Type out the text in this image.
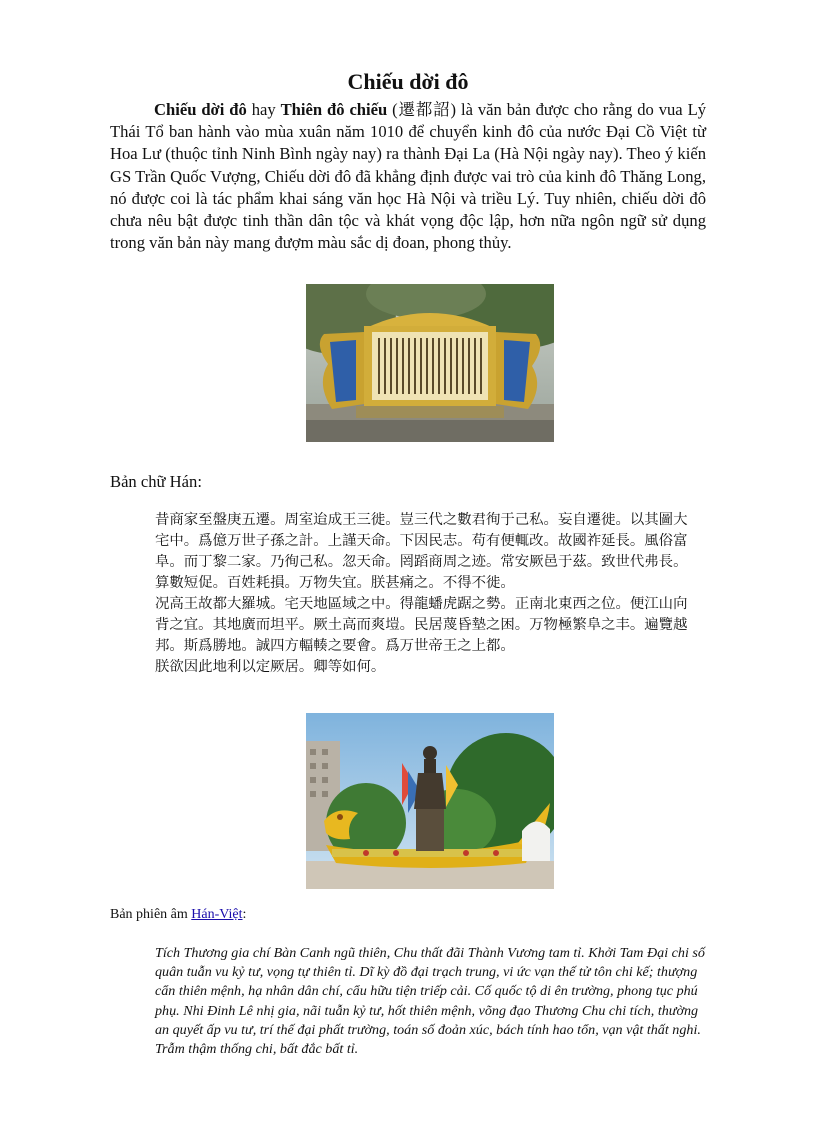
Chiếu dời đô

Chiếu dời đô hay Thiên đô chiếu (遷都詔) là văn bản được cho rằng do vua Lý Thái Tổ ban hành vào mùa xuân năm 1010 để chuyển kinh đô của nước Đại Cồ Việt từ Hoa Lư (thuộc tỉnh Ninh Bình ngày nay) ra thành Đại La (Hà Nội ngày nay). Theo ý kiến GS Trần Quốc Vượng, Chiếu dời đô đã khẳng định được vai trò của kinh đô Thăng Long, nó được coi là tác phẩm khai sáng văn học Hà Nội và triều Lý. Tuy nhiên, chiếu dời đô chưa nêu bật được tinh thần dân tộc và khát vọng độc lập, hơn nữa ngôn ngữ sử dụng trong văn bản này mang đượm màu sắc dị đoan, phong thủy.

Bản chữ Hán:

昔商家至盤庚五遷。周室迨成王三徙。豈三代之數君徇于己私。妄自遷徙。以其圖大宅中。爲億万世子孫之計。上謹天命。下因民志。苟有便輒改。故國祚延長。風俗富阜。而丁黎二家。乃徇己私。忽天命。罔蹈商周之迹。常安厥邑于茲。致世代弗長。算數短促。百姓耗損。万物失宜。朕甚痛之。不得不徙。

况高王故都大羅城。宅天地區域之中。得龍蟠虎踞之勢。正南北東西之位。便江山向背之宜。其地廣而坦平。厥土高而爽塏。民居蔑昏墊之困。万物極繁阜之丰。遍覽越邦。斯爲勝地。誠四方輻輳之要會。爲万世帝王之上都。

朕欲因此地利以定厥居。卿等如何。

Bản phiên âm Hán-Việt:

Tích Thương gia chí Bàn Canh ngũ thiên, Chu thất đãi Thành Vương tam tỉ. Khởi Tam Đại chi số quân tuẫn vu kỷ tư, vọng tự thiên tỉ. Dĩ kỳ đồ đại trạch trung, vi ức vạn thế tử tôn chi kế; thượng cẩn thiên mệnh, hạ nhân dân chí, cẩu hữu tiện triếp cải. Cố quốc tộ di ên trường, phong tục phú phụ. Nhi Đinh Lê nhị gia, nãi tuẫn kỷ tư, hốt thiên mệnh, võng đạo Thương Chu chi tích, thường an quyết ấp vu tư, trí thế đại phất trường, toán số đoản xúc, bách tính hao tổn, vạn vật thất nghi. Trẫm thậm thống chi, bất đắc bất tỉ.
